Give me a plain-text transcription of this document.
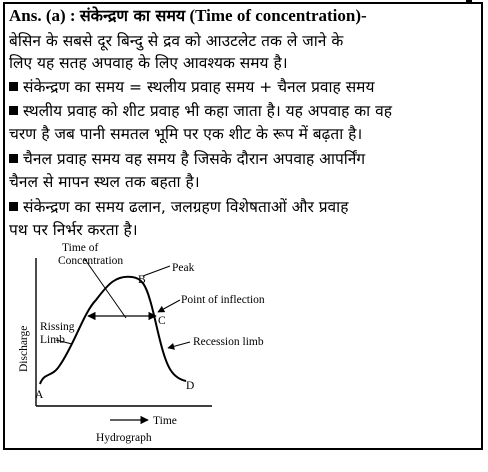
Ans. (a) : संकेन्द्रण का समय (Time of concentration)-
बेसिन के सबसे दूर बिन्दु से द्रव को आउटलेट तक ले जाने के
लिए यह सतह अपवाह के लिए आवश्यक समय है।
संकेन्द्रण का समय = स्थलीय प्रवाह समय + चैनल प्रवाह समय
स्थलीय प्रवाह को शीट प्रवाह भी कहा जाता है। यह अपवाह का वह
चरण है जब पानी समतल भूमि पर एक शीट के रूप में बढ़ता है।
चैनल प्रवाह समय वह समय है जिसके दौरान अपवाह आपर्निंग
चैनल से मापन स्थल तक बहता है।
संकेन्द्रण का समय ढलान, जलग्रहण विशेषताओं और प्रवाह
पथ पर निर्भर करता है।
Time of
Concentration
Peak
B
Point of inflection
C
Rissing
Limb	Recession limb
A
D
Discharge
Time
Hydrograph
